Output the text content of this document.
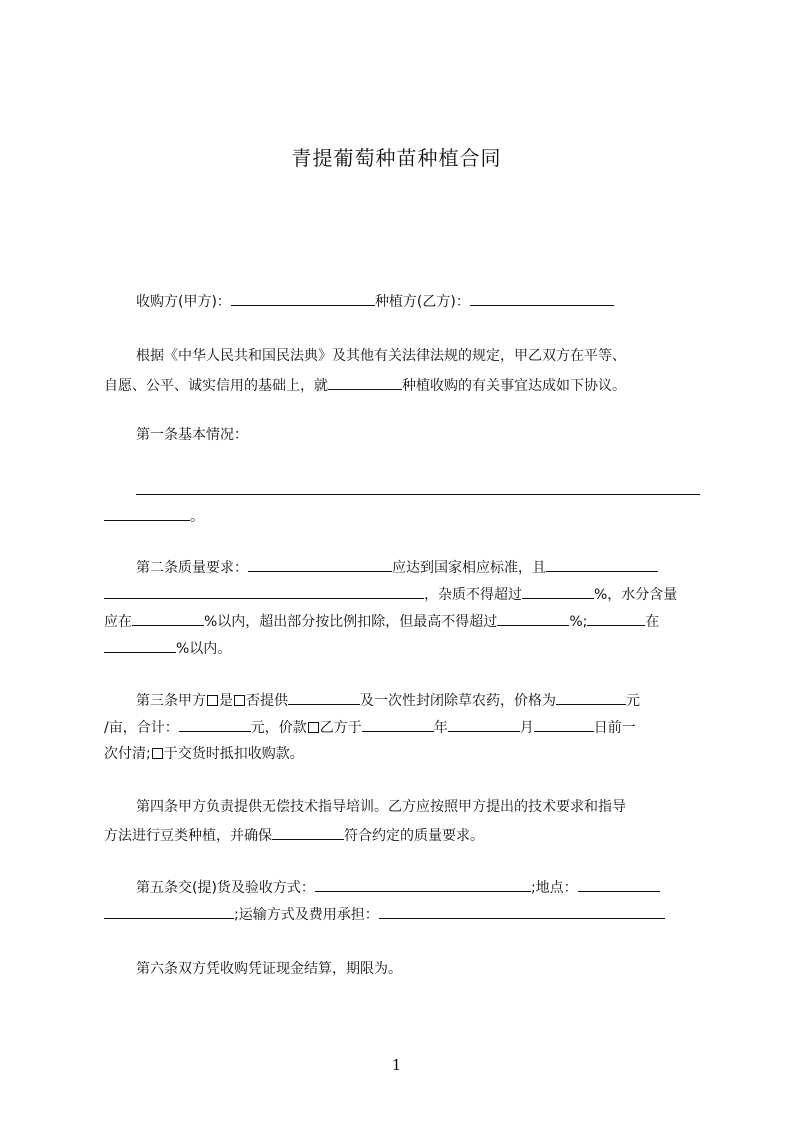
青提葡萄种苗种植合同

收购方(甲方)：	种植方(乙方)：

根据《中华人民共和国民法典》及其他有关法律法规的规定，甲乙双方在平等、

自愿、公平、诚实信用的基础上，就	种植收购的有关事宜达成如下协议。

第一条基本情况：

。

第二条质量要求：	应达到国家相应标准，且

，杂质不得超过	%，水分含量

应在	%以内，超出部分按比例扣除，但最高不得超过	%;	在

%以内。

第三条甲方 是 否提供	及一次性封闭除草农药，价格为	元

/亩，合计：	元，价款 乙方于	年	月	日前一

次付清; 于交货时抵扣收购款。

第四条甲方负责提供无偿技术指导培训。乙方应按照甲方提出的技术要求和指导

方法进行豆类种植，并确保	符合约定的质量要求。

第五条交(提)货及验收方式：	;地点：

;运输方式及费用承担：

第六条双方凭收购凭证现金结算，期限为。

1
